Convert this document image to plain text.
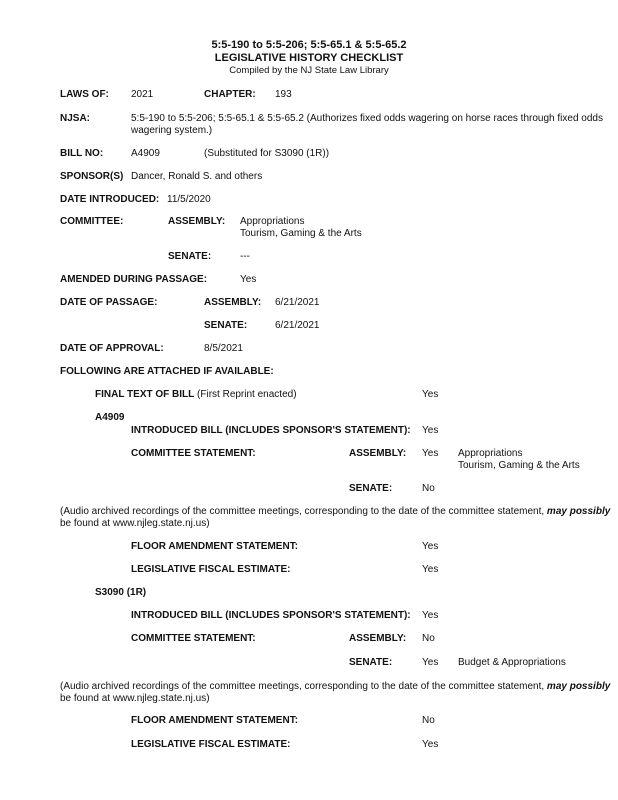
5:5-190 to 5:5-206; 5:5-65.1 & 5:5-65.2
LEGISLATIVE HISTORY CHECKLIST
Compiled by the NJ State Law Library
LAWS OF: 2021	CHAPTER: 193
NJSA:	5:5-190 to 5:5-206; 5:5-65.1 & 5:5-65.2 (Authorizes fixed odds wagering on horse races through fixed odds
wagering system.)
BILL NO:	A4909	(Substituted for S3090 (1R))
SPONSOR(S) Dancer, Ronald S. and others
DATE INTRODUCED: 11/5/2020
COMMITTEE:	ASSEMBLY: Appropriations
Tourism, Gaming & the Arts
SENATE:	---
AMENDED DURING PASSAGE:	Yes
DATE OF PASSAGE:	ASSEMBLY: 6/21/2021
SENATE:	6/21/2021
DATE OF APPROVAL:	8/5/2021
FOLLOWING ARE ATTACHED IF AVAILABLE:
FINAL TEXT OF BILL (First Reprint enacted)	Yes
A4909
INTRODUCED BILL (INCLUDES SPONSOR'S STATEMENT): Yes
COMMITTEE STATEMENT:	ASSEMBLY: Yes Appropriations
Tourism, Gaming & the Arts
SENATE:	No
(Audio archived recordings of the committee meetings, corresponding to the date of the committee statement, may possibly
be found at www.njleg.state.nj.us)
FLOOR AMENDMENT STATEMENT:	Yes
LEGISLATIVE FISCAL ESTIMATE:	Yes
S3090 (1R)
INTRODUCED BILL (INCLUDES SPONSOR'S STATEMENT): Yes
COMMITTEE STATEMENT:	ASSEMBLY: No
SENATE:	Yes Budget & Appropriations
(Audio archived recordings of the committee meetings, corresponding to the date of the committee statement, may possibly
be found at www.njleg.state.nj.us)
FLOOR AMENDMENT STATEMENT:	No
LEGISLATIVE FISCAL ESTIMATE:	Yes
